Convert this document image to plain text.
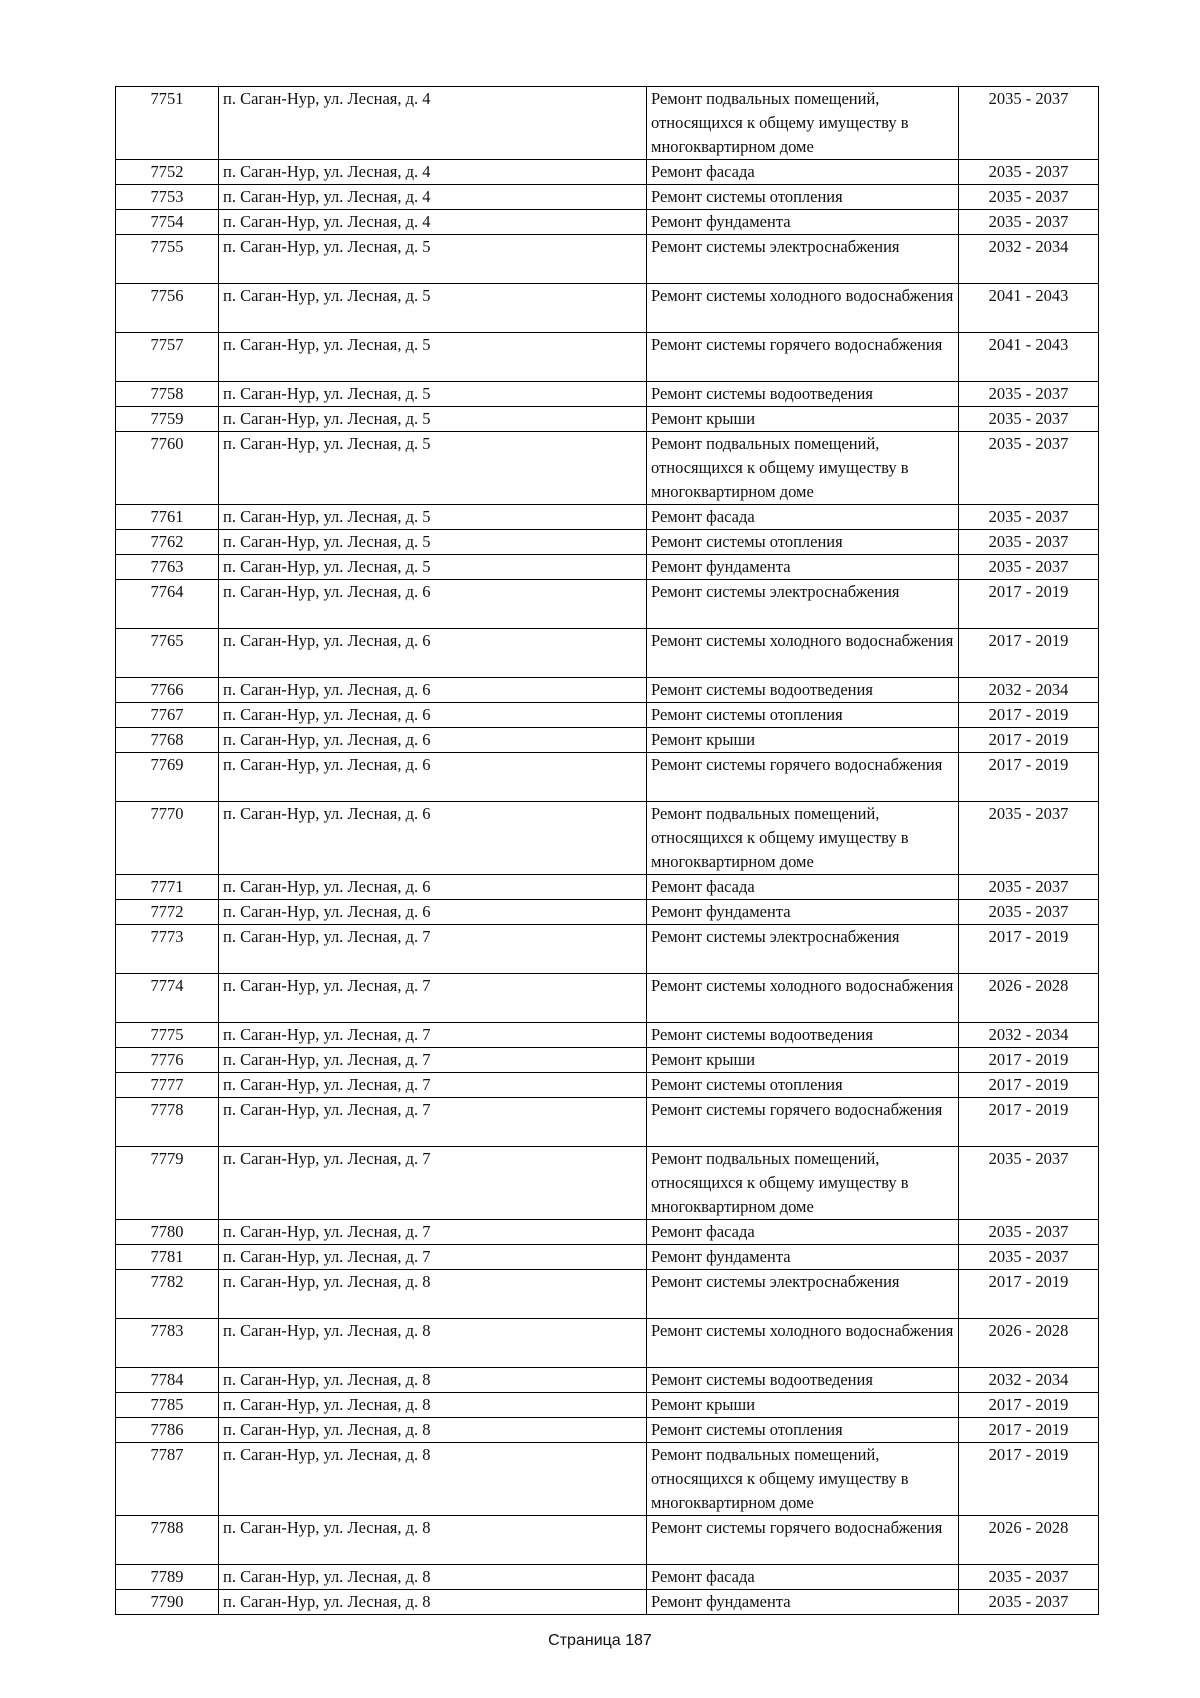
7751	п. Саган-Нур, ул. Лесная, д. 4	Ремонт подвальных помещений, относящихся к общему имуществу в многоквартирном доме	2035 - 2037
7752	п. Саган-Нур, ул. Лесная, д. 4	Ремонт фасада	2035 - 2037
7753	п. Саган-Нур, ул. Лесная, д. 4	Ремонт системы отопления	2035 - 2037
7754	п. Саган-Нур, ул. Лесная, д. 4	Ремонт фундамента	2035 - 2037
7755	п. Саган-Нур, ул. Лесная, д. 5	Ремонт системы электроснабжения	2032 - 2034
7756	п. Саган-Нур, ул. Лесная, д. 5	Ремонт системы холодного водоснабжения	2041 - 2043
7757	п. Саган-Нур, ул. Лесная, д. 5	Ремонт системы горячего водоснабжения	2041 - 2043
7758	п. Саган-Нур, ул. Лесная, д. 5	Ремонт системы водоотведения	2035 - 2037
7759	п. Саган-Нур, ул. Лесная, д. 5	Ремонт крыши	2035 - 2037
7760	п. Саган-Нур, ул. Лесная, д. 5	Ремонт подвальных помещений, относящихся к общему имуществу в многоквартирном доме	2035 - 2037
7761	п. Саган-Нур, ул. Лесная, д. 5	Ремонт фасада	2035 - 2037
7762	п. Саган-Нур, ул. Лесная, д. 5	Ремонт системы отопления	2035 - 2037
7763	п. Саган-Нур, ул. Лесная, д. 5	Ремонт фундамента	2035 - 2037
7764	п. Саган-Нур, ул. Лесная, д. 6	Ремонт системы электроснабжения	2017 - 2019
7765	п. Саган-Нур, ул. Лесная, д. 6	Ремонт системы холодного водоснабжения	2017 - 2019
7766	п. Саган-Нур, ул. Лесная, д. 6	Ремонт системы водоотведения	2032 - 2034
7767	п. Саган-Нур, ул. Лесная, д. 6	Ремонт системы отопления	2017 - 2019
7768	п. Саган-Нур, ул. Лесная, д. 6	Ремонт крыши	2017 - 2019
7769	п. Саган-Нур, ул. Лесная, д. 6	Ремонт системы горячего водоснабжения	2017 - 2019
7770	п. Саган-Нур, ул. Лесная, д. 6	Ремонт подвальных помещений, относящихся к общему имуществу в многоквартирном доме	2035 - 2037
7771	п. Саган-Нур, ул. Лесная, д. 6	Ремонт фасада	2035 - 2037
7772	п. Саган-Нур, ул. Лесная, д. 6	Ремонт фундамента	2035 - 2037
7773	п. Саган-Нур, ул. Лесная, д. 7	Ремонт системы электроснабжения	2017 - 2019
7774	п. Саган-Нур, ул. Лесная, д. 7	Ремонт системы холодного водоснабжения	2026 - 2028
7775	п. Саган-Нур, ул. Лесная, д. 7	Ремонт системы водоотведения	2032 - 2034
7776	п. Саган-Нур, ул. Лесная, д. 7	Ремонт крыши	2017 - 2019
7777	п. Саган-Нур, ул. Лесная, д. 7	Ремонт системы отопления	2017 - 2019
7778	п. Саган-Нур, ул. Лесная, д. 7	Ремонт системы горячего водоснабжения	2017 - 2019
7779	п. Саган-Нур, ул. Лесная, д. 7	Ремонт подвальных помещений, относящихся к общему имуществу в многоквартирном доме	2035 - 2037
7780	п. Саган-Нур, ул. Лесная, д. 7	Ремонт фасада	2035 - 2037
7781	п. Саган-Нур, ул. Лесная, д. 7	Ремонт фундамента	2035 - 2037
7782	п. Саган-Нур, ул. Лесная, д. 8	Ремонт системы электроснабжения	2017 - 2019
7783	п. Саган-Нур, ул. Лесная, д. 8	Ремонт системы холодного водоснабжения	2026 - 2028
7784	п. Саган-Нур, ул. Лесная, д. 8	Ремонт системы водоотведения	2032 - 2034
7785	п. Саган-Нур, ул. Лесная, д. 8	Ремонт крыши	2017 - 2019
7786	п. Саган-Нур, ул. Лесная, д. 8	Ремонт системы отопления	2017 - 2019
7787	п. Саган-Нур, ул. Лесная, д. 8	Ремонт подвальных помещений, относящихся к общему имуществу в многоквартирном доме	2017 - 2019
7788	п. Саган-Нур, ул. Лесная, д. 8	Ремонт системы горячего водоснабжения	2026 - 2028
7789	п. Саган-Нур, ул. Лесная, д. 8	Ремонт фасада	2035 - 2037
7790	п. Саган-Нур, ул. Лесная, д. 8	Ремонт фундамента	2035 - 2037
Страница 187
